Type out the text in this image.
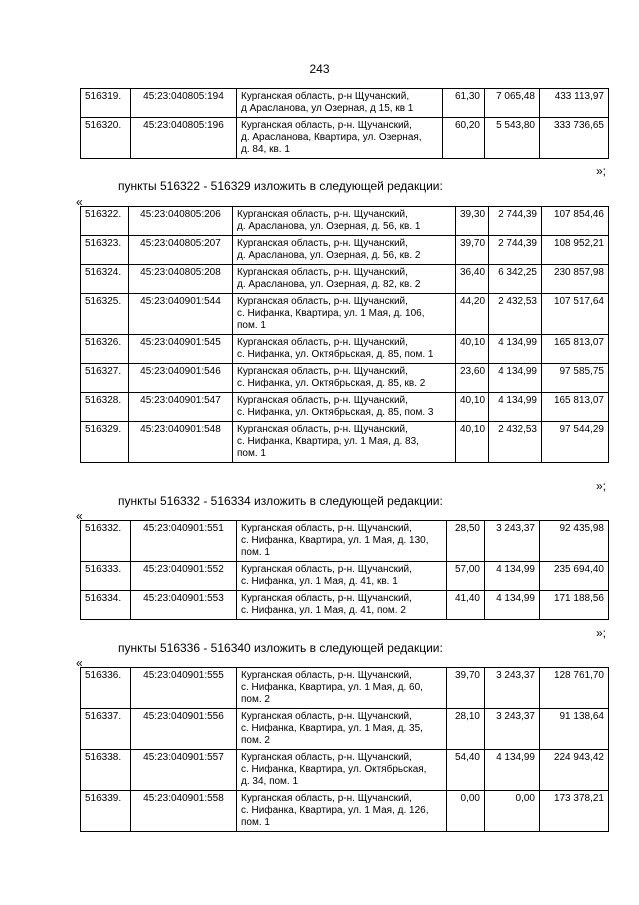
243
516319.	45:23:040805:194	Курганская область, р-н Щучанский,
д Арасланова, ул Озерная, д 15, кв 1	61,30	7 065,48	433 113,97
516320.	45:23:040805:196	Курганская область, р-н. Щучанский,
д. Арасланова, Квартира, ул. Озерная,
д. 84, кв. 1	60,20	5 543,80	333 736,65
»;
пункты 516322 - 516329 изложить в следующей редакции:
«
516322.	45:23:040805:206	Курганская область, р-н. Щучанский,
д. Арасланова, ул. Озерная, д. 56, кв. 1	39,30	2 744,39	107 854,46
516323.	45:23:040805:207	Курганская область, р-н. Щучанский,
д. Арасланова, ул. Озерная, д. 56, кв. 2	39,70	2 744,39	108 952,21
516324.	45:23:040805:208	Курганская область, р-н. Щучанский,
д. Арасланова, ул. Озерная, д. 82, кв. 2	36,40	6 342,25	230 857,98
516325.	45:23:040901:544	Курганская область, р-н. Щучанский,
с. Нифанка, Квартира, ул. 1 Мая, д. 106,
пом. 1	44,20	2 432,53	107 517,64
516326.	45:23:040901:545	Курганская область, р-н. Щучанский,
с. Нифанка, ул. Октябрьская, д. 85, пом. 1	40,10	4 134,99	165 813,07
516327.	45:23:040901:546	Курганская область, р-н. Щучанский,
с. Нифанка, ул. Октябрьская, д. 85, кв. 2	23,60	4 134,99	97 585,75
516328.	45:23:040901:547	Курганская область, р-н. Щучанский,
с. Нифанка, ул. Октябрьская, д. 85, пом. 3	40,10	4 134,99	165 813,07
516329.	45:23:040901:548	Курганская область, р-н. Щучанский,
с. Нифанка, Квартира, ул. 1 Мая, д. 83,
пом. 1	40,10	2 432,53	97 544,29
»;
пункты 516332 - 516334 изложить в следующей редакции:
«
516332.	45:23:040901:551	Курганская область, р-н. Щучанский,
с. Нифанка, Квартира, ул. 1 Мая, д. 130,
пом. 1	28,50	3 243,37	92 435,98
516333.	45:23:040901:552	Курганская область, р-н. Щучанский,
с. Нифанка, ул. 1 Мая, д. 41, кв. 1	57,00	4 134,99	235 694,40
516334.	45:23:040901:553	Курганская область, р-н. Щучанский,
с. Нифанка, ул. 1 Мая, д. 41, пом. 2	41,40	4 134,99	171 188,56
»;
пункты 516336 - 516340 изложить в следующей редакции:
«
516336.	45:23:040901:555	Курганская область, р-н. Щучанский,
с. Нифанка, Квартира, ул. 1 Мая, д. 60,
пом. 2	39,70	3 243,37	128 761,70
516337.	45:23:040901:556	Курганская область, р-н. Щучанский,
с. Нифанка, Квартира, ул. 1 Мая, д. 35,
пом. 2	28,10	3 243,37	91 138,64
516338.	45:23:040901:557	Курганская область, р-н. Щучанский,
с. Нифанка, Квартира, ул. Октябрьская,
д. 34, пом. 1	54,40	4 134,99	224 943,42
516339.	45:23:040901:558	Курганская область, р-н. Щучанский,
с. Нифанка, Квартира, ул. 1 Мая, д. 126,
пом. 1	0,00	0,00	173 378,21
